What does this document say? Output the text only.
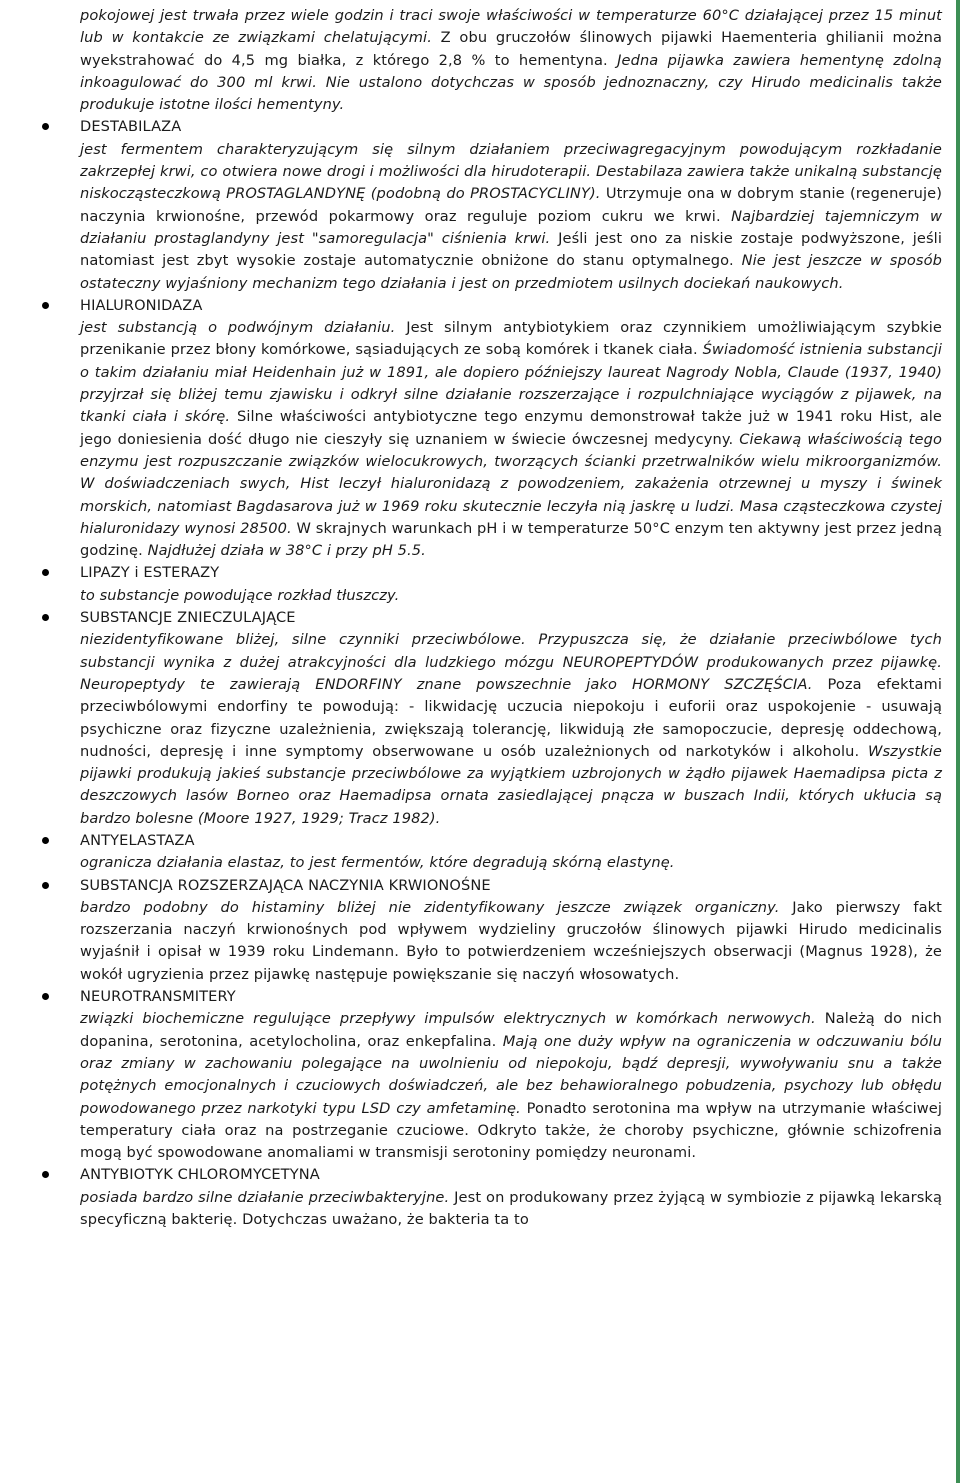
pokojowej jest trwała przez wiele godzin i traci swoje właściwości w temperaturze 60°C działającej przez 15 minut lub w kontakcie ze związkami chelatującymi. Z obu gruczołów ślinowych pijawki Haementeria ghilianii można wyekstrahować do 4,5 mg białka, z którego 2,8 % to hementyna. Jedna pijawka zawiera hementynę zdolną inkoagulować do 300 ml krwi. Nie ustalono dotychczas w sposób jednoznaczny, czy Hirudo medicinalis także produkuje istotne ilości hementyny.

DESTABILAZA

jest fermentem charakteryzującym się silnym działaniem przeciwagregacyjnym powodującym rozkładanie zakrzepłej krwi, co otwiera nowe drogi i możliwości dla hirudoterapii. Destabilaza zawiera także unikalną substancję niskocząsteczkową PROSTAGLANDYNĘ (podobną do PROSTACYCLINY). Utrzymuje ona w dobrym stanie (regeneruje) naczynia krwionośne, przewód pokarmowy oraz reguluje poziom cukru we krwi. Najbardziej tajemniczym w działaniu prostaglandyny jest "samoregulacja" ciśnienia krwi. Jeśli jest ono za niskie zostaje podwyższone, jeśli natomiast jest zbyt wysokie zostaje automatycznie obniżone do stanu optymalnego. Nie jest jeszcze w sposób ostateczny wyjaśniony mechanizm tego działania i jest on przedmiotem usilnych dociekań naukowych.

HIALURONIDAZA

jest substancją o podwójnym działaniu. Jest silnym antybiotykiem oraz czynnikiem umożliwiającym szybkie przenikanie przez błony komórkowe, sąsiadujących ze sobą komórek i tkanek ciała. Świadomość istnienia substancji o takim działaniu miał Heidenhain już w 1891, ale dopiero późniejszy laureat Nagrody Nobla, Claude (1937, 1940) przyjrzał się bliżej temu zjawisku i odkrył silne działanie rozszerzające i rozpulchniające wyciągów z pijawek, na tkanki ciała i skórę. Silne właściwości antybiotyczne tego enzymu demonstrował także już w 1941 roku Hist, ale jego doniesienia dość długo nie cieszyły się uznaniem w świecie ówczesnej medycyny. Ciekawą właściwością tego enzymu jest rozpuszczanie związków wielocukrowych, tworzących ścianki przetrwalników wielu mikroorganizmów. W doświadczeniach swych, Hist leczył hialuronidazą z powodzeniem, zakażenia otrzewnej u myszy i świnek morskich, natomiast Bagdasarova już w 1969 roku skutecznie leczyła nią jaskrę u ludzi. Masa cząsteczkowa czystej hialuronidazy wynosi 28500. W skrajnych warunkach pH i w temperaturze 50°C enzym ten aktywny jest przez jedną godzinę. Najdłużej działa w 38°C i przy pH 5.5.

LIPAZY i ESTERAZY

to substancje powodujące rozkład tłuszczy.

SUBSTANCJE ZNIECZULAJĄCE

niezidentyfikowane bliżej, silne czynniki przeciwbólowe. Przypuszcza się, że działanie przeciwbólowe tych substancji wynika z dużej atrakcyjności dla ludzkiego mózgu NEUROPEPTYDÓW produkowanych przez pijawkę. Neuropeptydy te zawierają ENDORFINY znane powszechnie jako HORMONY SZCZĘŚCIA. Poza efektami przeciwbólowymi endorfiny te powodują: - likwidację uczucia niepokoju i euforii oraz uspokojenie - usuwają psychiczne oraz fizyczne uzależnienia, zwiększają tolerancję, likwidują złe samopoczucie, depresję oddechową, nudności, depresję i inne symptomy obserwowane u osób uzależnionych od narkotyków i alkoholu. Wszystkie pijawki produkują jakieś substancje przeciwbólowe za wyjątkiem uzbrojonych w żądło pijawek Haemadipsa picta z deszczowych lasów Borneo oraz Haemadipsa ornata zasiedlającej pnącza w buszach Indii, których ukłucia są bardzo bolesne (Moore 1927, 1929; Tracz 1982).

ANTYELASTAZA

ogranicza działania elastaz, to jest fermentów, które degradują skórną elastynę.

SUBSTANCJA ROZSZERZAJĄCA NACZYNIA KRWIONOŚNE

bardzo podobny do histaminy bliżej nie zidentyfikowany jeszcze związek organiczny. Jako pierwszy fakt rozszerzania naczyń krwionośnych pod wpływem wydzieliny gruczołów ślinowych pijawki Hirudo medicinalis wyjaśnił i opisał w 1939 roku Lindemann. Było to potwierdzeniem wcześniejszych obserwacji (Magnus 1928), że wokół ugryzienia przez pijawkę następuje powiększanie się naczyń włosowatych.

NEUROTRANSMITERY

związki biochemiczne regulujące przepływy impulsów elektrycznych w komórkach nerwowych. Należą do nich dopanina, serotonina, acetylocholina, oraz enkepfalina. Mają one duży wpływ na ograniczenia w odczuwaniu bólu oraz zmiany w zachowaniu polegające na uwolnieniu od niepokoju, bądź depresji, wywoływaniu snu a także potężnych emocjonalnych i czuciowych doświadczeń, ale bez behawioralnego pobudzenia, psychozy lub obłędu powodowanego przez narkotyki typu LSD czy amfetaminę. Ponadto serotonina ma wpływ na utrzymanie właściwej temperatury ciała oraz na postrzeganie czuciowe. Odkryto także, że choroby psychiczne, głównie schizofrenia mogą być spowodowane anomaliami w transmisji serotoniny pomiędzy neuronami.

ANTYBIOTYK CHLOROMYCETYNA

posiada bardzo silne działanie przeciwbakteryjne. Jest on produkowany przez żyjącą w symbiozie z pijawką lekarską specyficzną bakterię. Dotychczas uważano, że bakteria ta to
